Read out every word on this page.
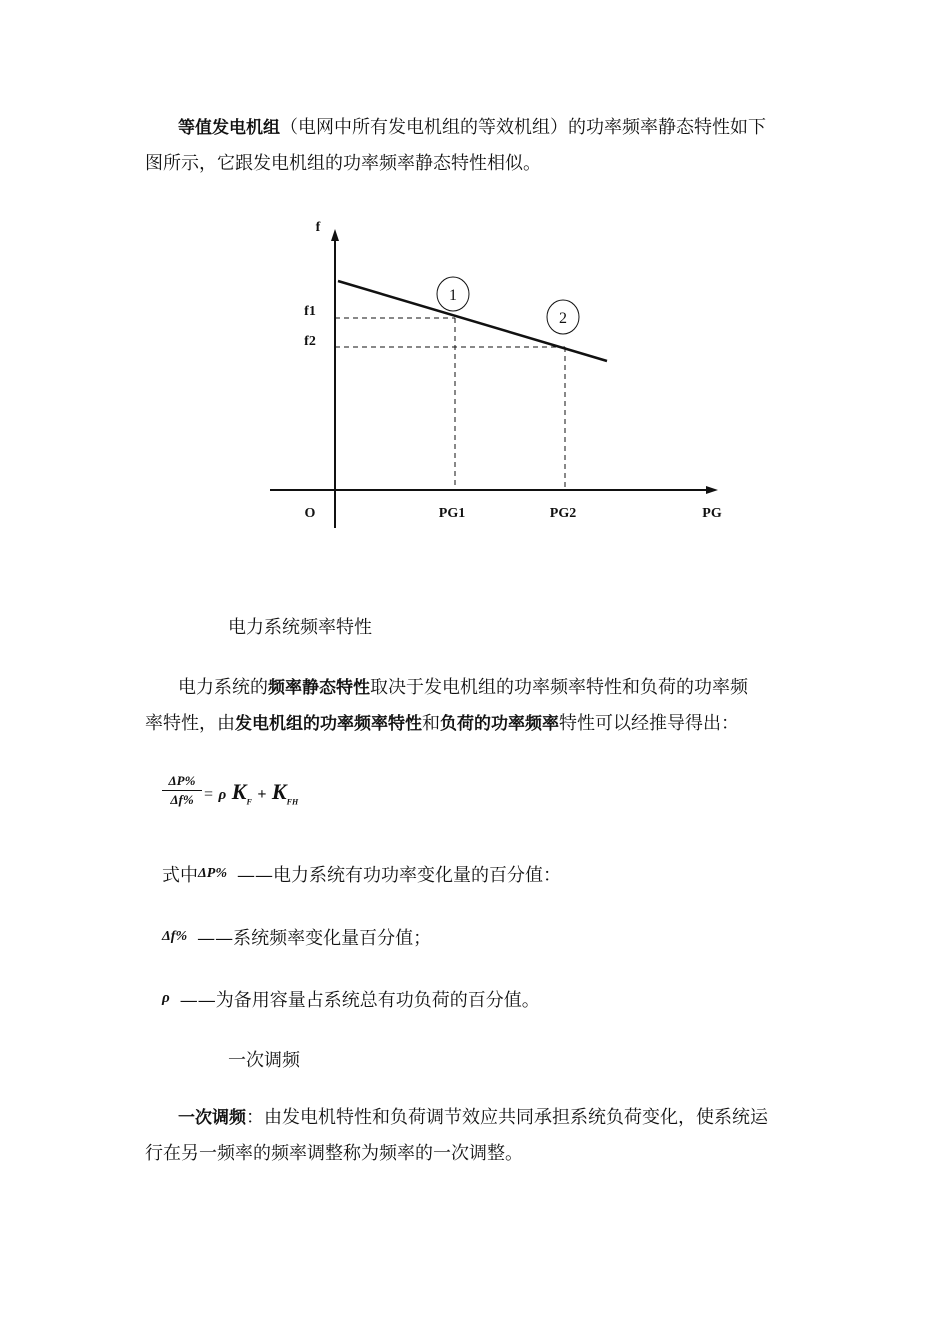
等值发电机组（电网中所有发电机组的等效机组）的功率频率静态特性如下
图所示，它跟发电机组的功率频率静态特性相似。
1
2
f
f1
f2
O	PG1	PG2	PG
电力系统频率特性
电力系统的频率静态特性取决于发电机组的功率频率特性和负荷的功率频
率特性，由发电机组的功率频率特性和负荷的功率频率特性可以经推导得出：
$\frac{\Delta P\%}{\Delta f\%} = \rho$ $K_F + K_{FH}$
式中$^{\Delta P\%}$ ——电力系统有功功率变化量的百分值：
$^{\Delta f\%}$ ——系统频率变化量百分值；
$^\rho$ ——为备用容量占系统总有功负荷的百分值。
一次调频
一次调频：由发电机特性和负荷调节效应共同承担系统负荷变化，使系统运
行在另一频率的频率调整称为频率的一次调整。
